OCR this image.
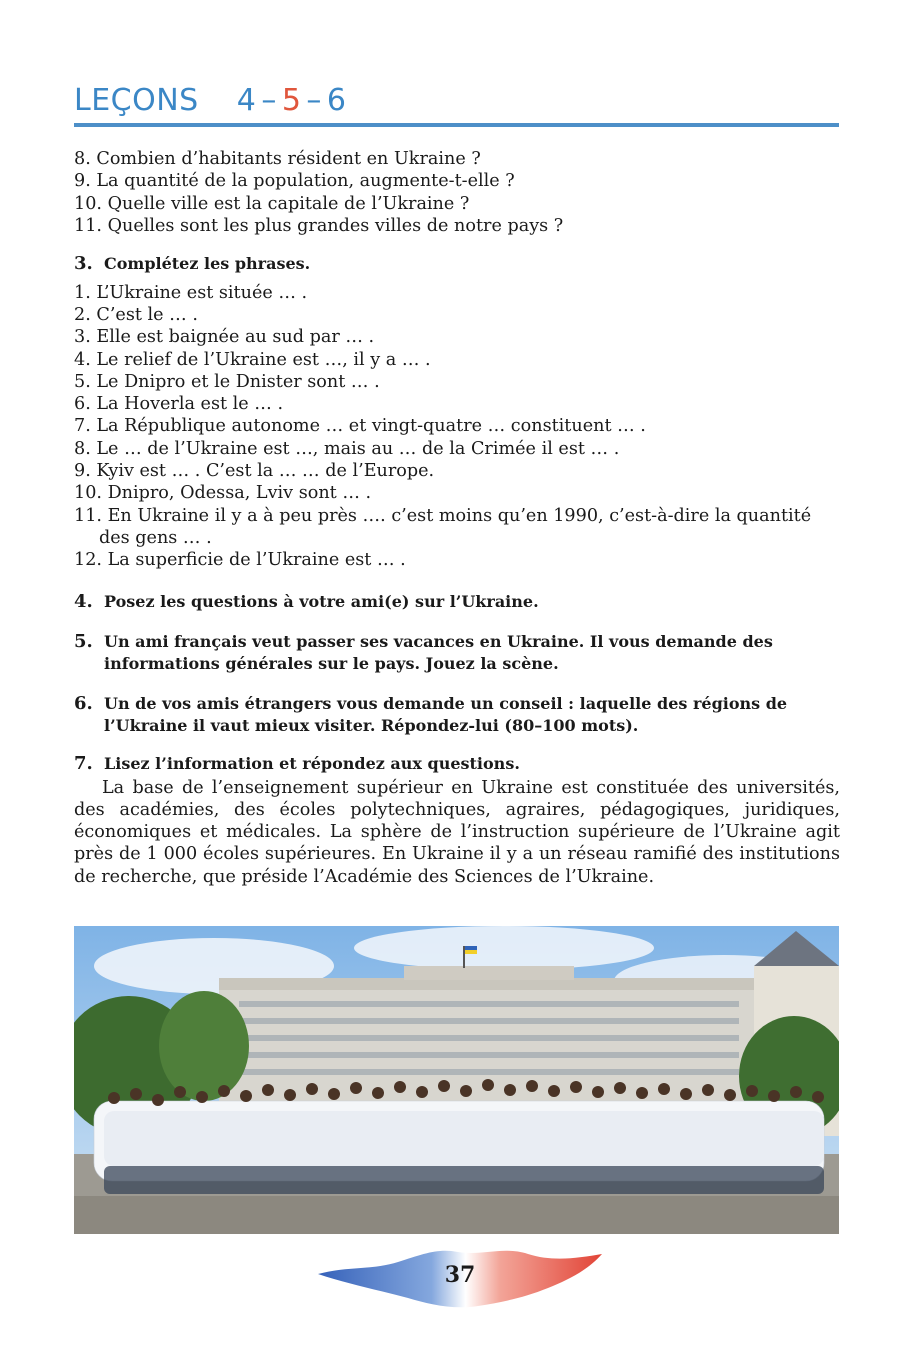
LEÇONS 4 – 5 – 6
8. Combien d’habitants résident en Ukraine ?
9. La quantité de la population, augmente-t-elle ?
10. Quelle ville est la capitale de l’Ukraine ?
11. Quelles sont les plus grandes villes de notre pays ?
3. Complétez les phrases.
1. L’Ukraine est située … .
2. C’est le … .
3. Elle est baignée au sud par … .
4. Le relief de l’Ukraine est …, il y a … .
5. Le Dnipro et le Dnister sont … .
6. La Hoverla est le … .
7. La République autonome … et vingt-quatre … constituent … .
8. Le … de l’Ukraine est …, mais au … de la Crimée il est … .
9. Kyiv est … . C’est la … … de l’Europe.
10. Dnipro, Odessa, Lviv sont … .
11. En Ukraine il y a à peu près …. c’est moins qu’en 1990, c’est-à-dire la quantité des gens … .
12. La superficie de l’Ukraine est … .
4. Posez les questions à votre ami(e) sur l’Ukraine.
5. Un ami français veut passer ses vacances en Ukraine. Il vous demande des informations générales sur le pays. Jouez la scène.
6. Un de vos amis étrangers vous demande un conseil : laquelle des régions de l’Ukraine il vaut mieux visiter. Répondez-lui (80–100 mots).
7. Lisez l’information et répondez aux questions.
La base de l’enseignement supérieur en Ukraine est constituée des universités, des académies, des écoles polytechniques, agraires, pédagogiques, juridiques, économiques et médicales. La sphère de l’instruction supérieure de l’Ukraine agit près de 1 000 écoles supérieures. En Ukraine il y a un réseau ramifié des institutions de recherche, que préside l’Académie des Sciences de l’Ukraine.
37
